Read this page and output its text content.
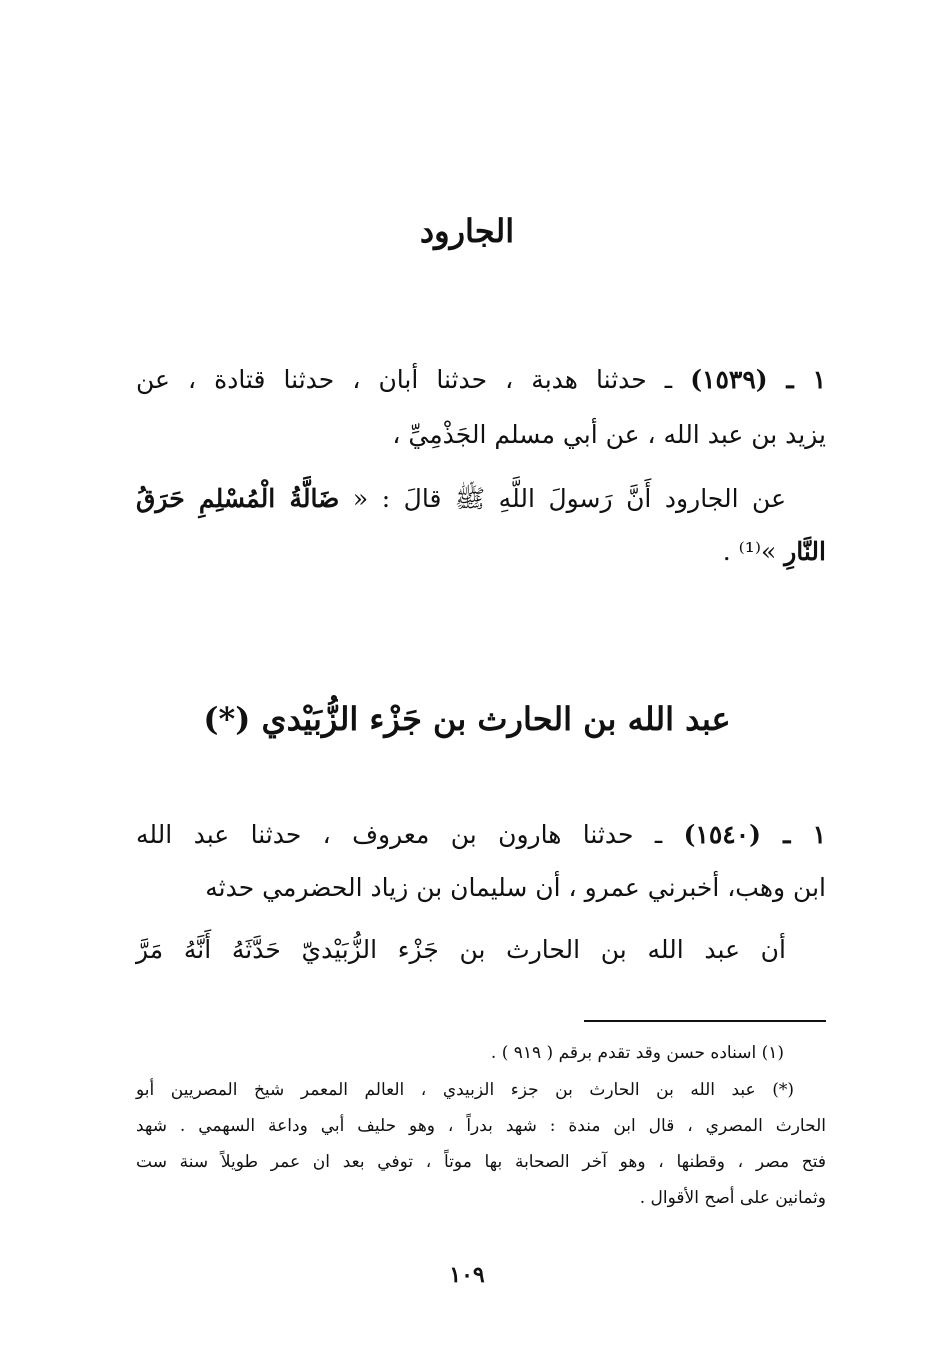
الجارود
١ ـ (١٥٣٩) ـ حدثنا هدبة ، حدثنا أبان ، حدثنا قتادة ، عن
يزيد بن عبد الله ، عن أبي مسلم الجَذْمِيِّ ،
عن الجارود أَنَّ رَسولَ اللَّهِ ﷺ قالَ : « ضَالَّةُ الْمُسْلِمِ حَرَقُ
النَّارِ »⁽¹⁾ .
عبد الله بن الحارث بن جَزْء الزُّبَيْدي (*)
١ ـ (١٥٤٠) ـ حدثنا هارون بن معروف ، حدثنا عبد الله
ابن وهب، أخبرني عمرو ، أن سليمان بن زياد الحضرمي حدثه
أن عبد الله بن الحارث بن جَزْء الزُّبَيْديّ حَدَّثَهُ أَنَّهُ مَرَّ
(١) اسناده حسن وقد تقدم برقم ( ٩١٩ ) .
(*) عبد الله بن الحارث بن جزء الزبيدي ، العالم المعمر شيخ المصريين أبو
الحارث المصري ، قال ابن مندة : شهد بدراً ، وهو حليف أبي وداعة السهمي . شهد
فتح مصر ، وقطنها ، وهو آخر الصحابة بها موتاً ، توفي بعد ان عمر طويلاً سنة ست
وثمانين على أصح الأقوال .
١٠٩
